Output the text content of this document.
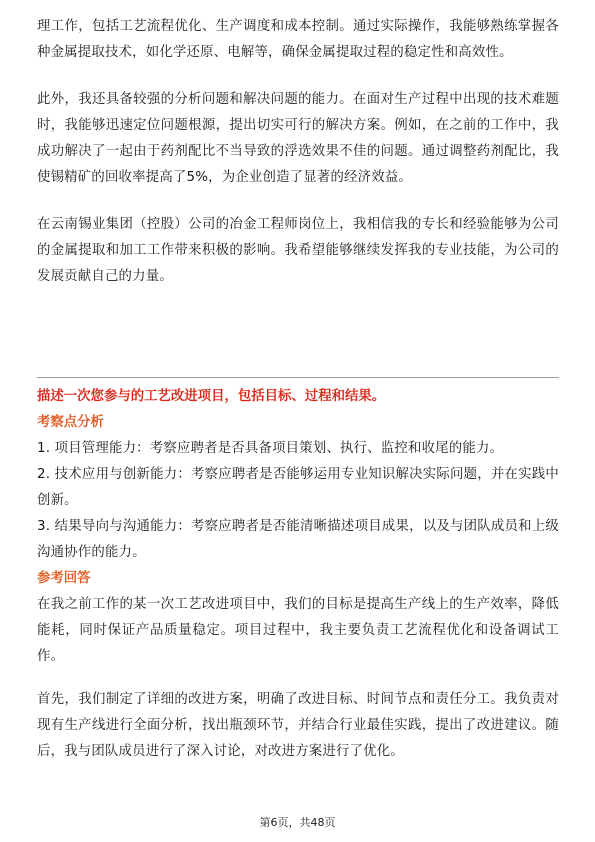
理工作，包括工艺流程优化、生产调度和成本控制。通过实际操作，我能够熟练掌握各种金属提取技术，如化学还原、电解等，确保金属提取过程的稳定性和高效性。

此外，我还具备较强的分析问题和解决问题的能力。在面对生产过程中出现的技术难题时，我能够迅速定位问题根源，提出切实可行的解决方案。例如，在之前的工作中，我成功解决了一起由于药剂配比不当导致的浮选效果不佳的问题。通过调整药剂配比，我使锡精矿的回收率提高了5%，为企业创造了显著的经济效益。

在云南锡业集团（控股）公司的冶金工程师岗位上，我相信我的专长和经验能够为公司的金属提取和加工工作带来积极的影响。我希望能够继续发挥我的专业技能，为公司的发展贡献自己的力量。

描述一次您参与的工艺改进项目，包括目标、过程和结果。

考察点分析

1. 项目管理能力：考察应聘者是否具备项目策划、执行、监控和收尾的能力。

2. 技术应用与创新能力：考察应聘者是否能够运用专业知识解决实际问题，并在实践中创新。

3. 结果导向与沟通能力：考察应聘者是否能清晰描述项目成果，以及与团队成员和上级沟通协作的能力。

参考回答

在我之前工作的某一次工艺改进项目中，我们的目标是提高生产线上的生产效率，降低能耗，同时保证产品质量稳定。项目过程中，我主要负责工艺流程优化和设备调试工作。

首先，我们制定了详细的改进方案，明确了改进目标、时间节点和责任分工。我负责对现有生产线进行全面分析，找出瓶颈环节，并结合行业最佳实践，提出了改进建议。随后，我与团队成员进行了深入讨论，对改进方案进行了优化。

第6页，共48页
